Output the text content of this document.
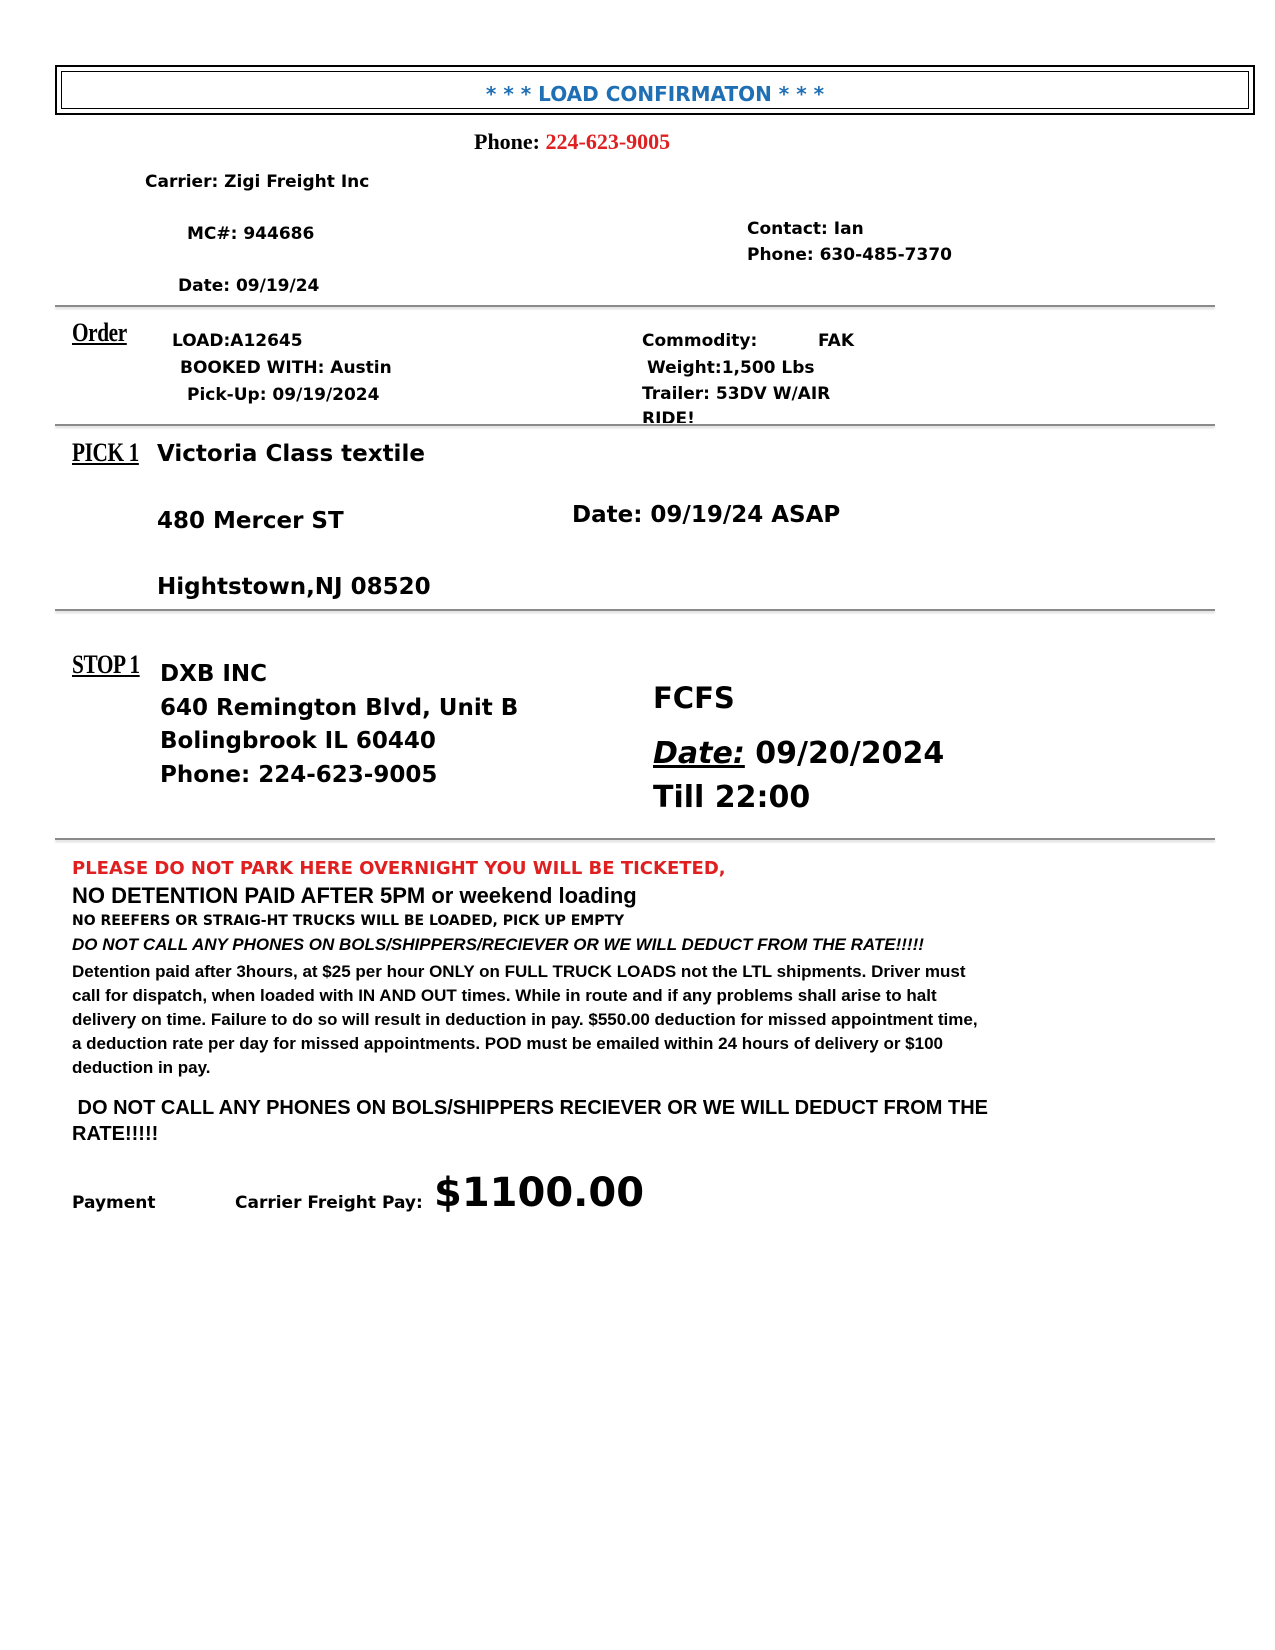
* * * LOAD CONFIRMATON * * *
Phone: 224-623-9005
Carrier: Zigi Freight Inc
MC#: 944686
Date: 09/19/24
Contact: Ian
Phone: 630-485-7370
Order	LOAD:A12645
BOOKED WITH: Austin
Pick-Up: 09/19/2024
Commodity:	FAK
Weight:1,500 Lbs
Trailer: 53DV W/AIR
RIDE!
PICK 1 Victoria Class textile
480 Mercer ST
Hightstown,NJ 08520
Date: 09/19/24 ASAP
STOP 1 DXB INC
640 Remington Blvd, Unit B
Bolingbrook IL 60440
Phone: 224-623-9005
FCFS
Date: 09/20/2024
Till 22:00
PLEASE DO NOT PARK HERE OVERNIGHT YOU WILL BE TICKETED,
NO DETENTION PAID AFTER 5PM or weekend loading
NO REEFERS OR STRAIG-HT TRUCKS WILL BE LOADED, PICK UP EMPTY
DO NOT CALL ANY PHONES ON BOLS/SHIPPERS/RECIEVER OR WE WILL DEDUCT FROM THE RATE!!!!!
Detention paid after 3hours, at $25 per hour ONLY on FULL TRUCK LOADS not the LTL shipments. Driver must
call for dispatch, when loaded with IN AND OUT times. While in route and if any problems shall arise to halt
delivery on time. Failure to do so will result in deduction in pay. $550.00 deduction for missed appointment time,
a deduction rate per day for missed appointments. POD must be emailed within 24 hours of delivery or $100
deduction in pay.
DO NOT CALL ANY PHONES ON BOLS/SHIPPERS RECIEVER OR WE WILL DEDUCT FROM THE
RATE!!!!!
Payment	Carrier Freight Pay: $1100.00
